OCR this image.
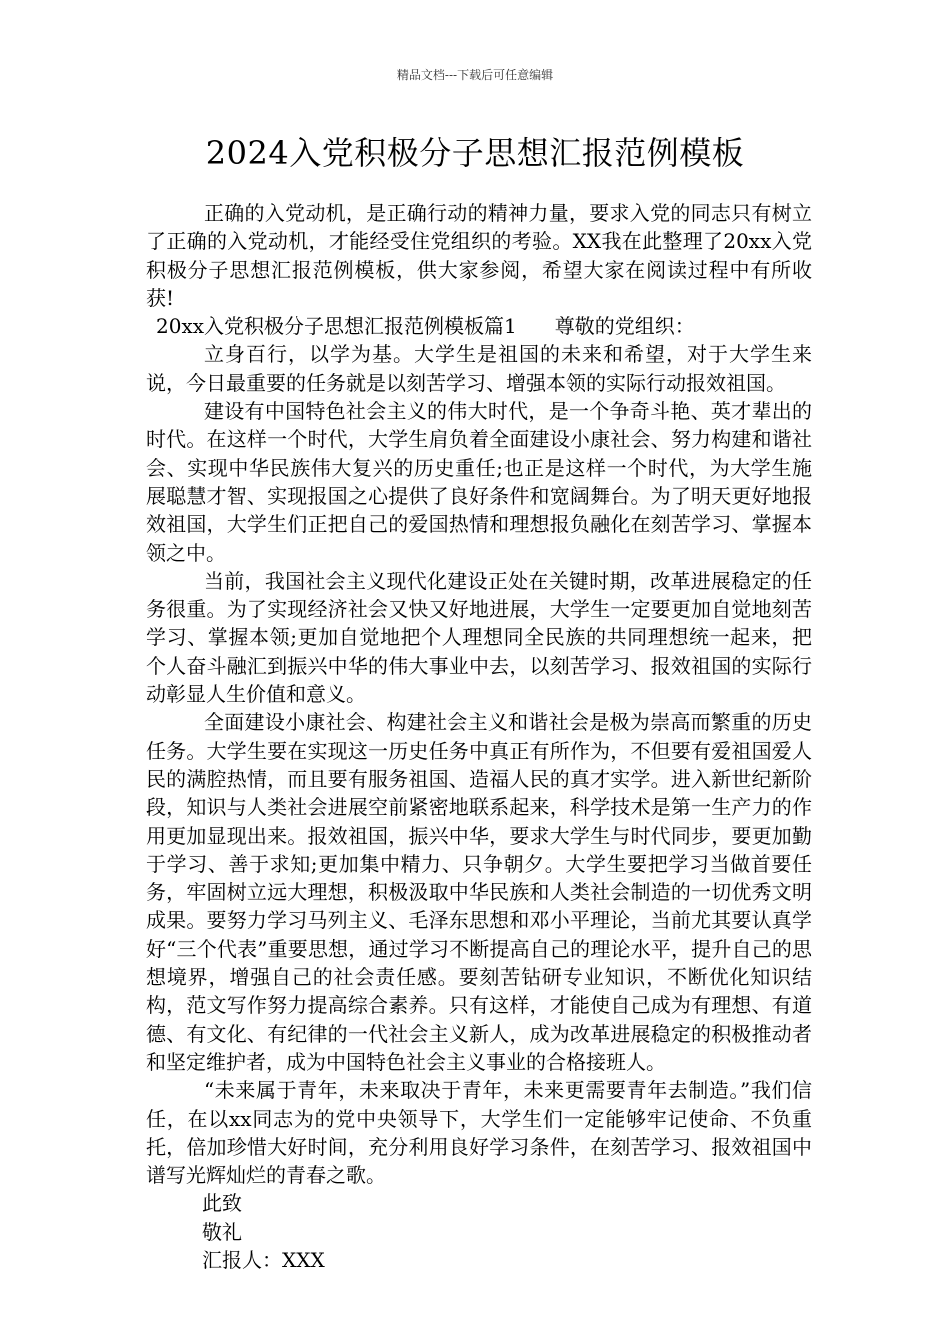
精品文档---下载后可任意编辑
2024入党积极分子思想汇报范例模板

正确的入党动机，是正确行动的精神力量，要求入党的同志只有树立了正确的入党动机，才能经受住党组织的考验。XX我在此整理了20xx入党积极分子思想汇报范例模板，供大家参阅，希望大家在阅读过程中有所收获!

20xx入党积极分子思想汇报范例模板篇1 尊敬的党组织：

立身百行，以学为基。大学生是祖国的未来和希望，对于大学生来说，今日最重要的任务就是以刻苦学习、增强本领的实际行动报效祖国。

建设有中国特色社会主义的伟大时代，是一个争奇斗艳、英才辈出的时代。在这样一个时代，大学生肩负着全面建设小康社会、努力构建和谐社会、实现中华民族伟大复兴的历史重任;也正是这样一个时代，为大学生施展聪慧才智、实现报国之心提供了良好条件和宽阔舞台。为了明天更好地报效祖国，大学生们正把自己的爱国热情和理想报负融化在刻苦学习、掌握本领之中。

当前，我国社会主义现代化建设正处在关键时期，改革进展稳定的任务很重。为了实现经济社会又快又好地进展，大学生一定要更加自觉地刻苦学习、掌握本领;更加自觉地把个人理想同全民族的共同理想统一起来，把个人奋斗融汇到振兴中华的伟大事业中去，以刻苦学习、报效祖国的实际行动彰显人生价值和意义。

全面建设小康社会、构建社会主义和谐社会是极为崇高而繁重的历史任务。大学生要在实现这一历史任务中真正有所作为，不但要有爱祖国爱人民的满腔热情，而且要有服务祖国、造福人民的真才实学。进入新世纪新阶段，知识与人类社会进展空前紧密地联系起来，科学技术是第一生产力的作用更加显现出来。报效祖国，振兴中华，要求大学生与时代同步，要更加勤于学习、善于求知;更加集中精力、只争朝夕。大学生要把学习当做首要任务，牢固树立远大理想，积极汲取中华民族和人类社会制造的一切优秀文明成果。要努力学习马列主义、毛泽东思想和邓小平理论，当前尤其要认真学好“三个代表”重要思想，通过学习不断提高自己的理论水平，提升自己的思想境界，增强自己的社会责任感。要刻苦钻研专业知识，不断优化知识结构，范文写作努力提高综合素养。只有这样，才能使自己成为有理想、有道德、有文化、有纪律的一代社会主义新人，成为改革进展稳定的积极推动者和坚定维护者，成为中国特色社会主义事业的合格接班人。

“未来属于青年，未来取决于青年，未来更需要青年去制造。”我们信任，在以xx同志为的党中央领导下，大学生们一定能够牢记使命、不负重托，倍加珍惜大好时间，充分利用良好学习条件，在刻苦学习、报效祖国中谱写光辉灿烂的青春之歌。

此致

敬礼

汇报人：XXX
